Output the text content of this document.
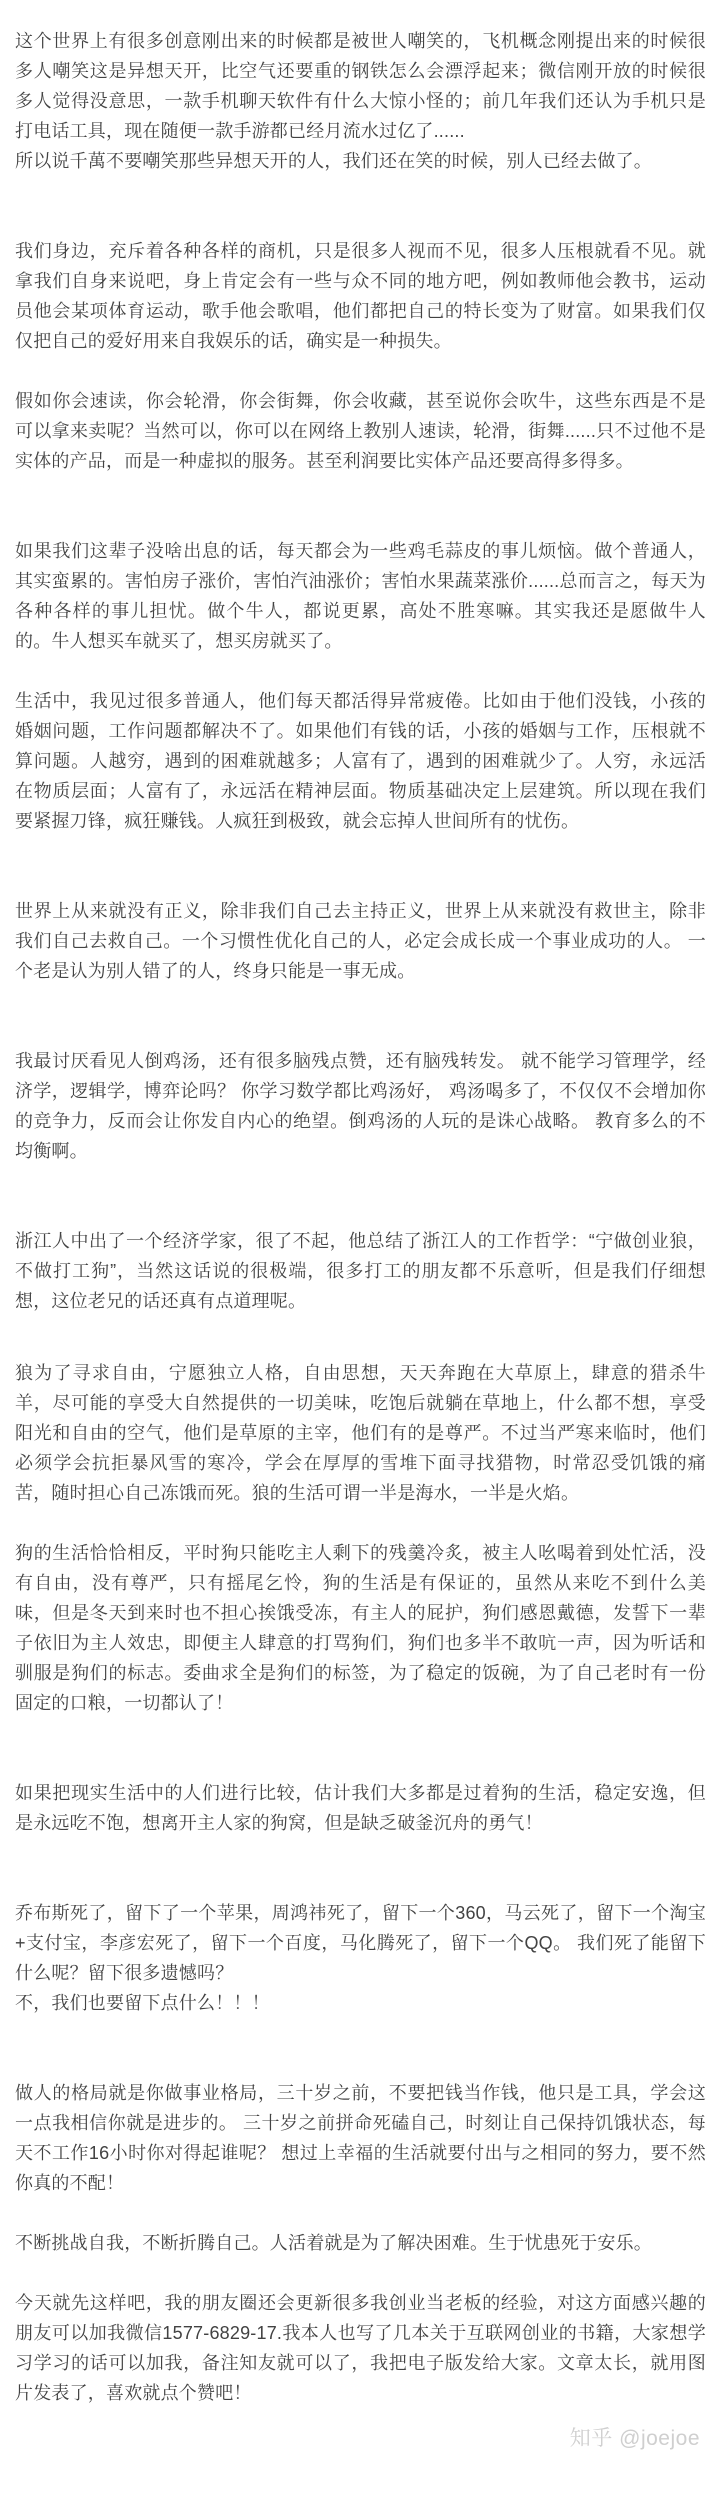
这个世界上有很多创意刚出来的时候都是被世人嘲笑的，飞机概念刚提出来的时候很多人嘲笑这是异想天开，比空气还要重的钢铁怎么会漂浮起来；微信刚开放的时候很多人觉得没意思，一款手机聊天软件有什么大惊小怪的；前几年我们还认为手机只是打电话工具，现在随便一款手游都已经月流水过亿了......

所以说千萬不要嘲笑那些异想天开的人，我们还在笑的时候，别人已经去做了。

我们身边，充斥着各种各样的商机，只是很多人视而不见，很多人压根就看不见。就拿我们自身来说吧，身上肯定会有一些与众不同的地方吧，例如教师他会教书，运动员他会某项体育运动，歌手他会歌唱，他们都把自己的特长变为了财富。如果我们仅仅把自己的爱好用来自我娱乐的话，确实是一种损失。

假如你会速读，你会轮滑，你会街舞，你会收藏，甚至说你会吹牛，这些东西是不是可以拿来卖呢？当然可以，你可以在网络上教别人速读，轮滑，街舞......只不过他不是实体的产品，而是一种虚拟的服务。甚至利润要比实体产品还要高得多得多。

如果我们这辈子没啥出息的话，每天都会为一些鸡毛蒜皮的事儿烦恼。做个普通人，其实蛮累的。害怕房子涨价，害怕汽油涨价；害怕水果蔬菜涨价......总而言之，每天为各种各样的事儿担忧。做个牛人，都说更累，高处不胜寒嘛。其实我还是愿做牛人的。牛人想买车就买了，想买房就买了。

生活中，我见过很多普通人，他们每天都活得异常疲倦。比如由于他们没钱，小孩的婚姻问题，工作问题都解决不了。如果他们有钱的话，小孩的婚姻与工作，压根就不算问题。人越穷，遇到的困难就越多；人富有了，遇到的困难就少了。人穷，永远活在物质层面；人富有了，永远活在精神层面。物质基础决定上层建筑。所以现在我们要紧握刀锋，疯狂赚钱。人疯狂到极致，就会忘掉人世间所有的忧伤。

世界上从来就没有正义，除非我们自己去主持正义，世界上从来就没有救世主，除非我们自己去救自己。一个习惯性优化自己的人，必定会成长成一个事业成功的人。 一个老是认为别人错了的人，终身只能是一事无成。

我最讨厌看见人倒鸡汤，还有很多脑残点赞，还有脑残转发。 就不能学习管理学，经济学，逻辑学，博弈论吗？ 你学习数学都比鸡汤好， 鸡汤喝多了，不仅仅不会增加你的竞争力，反而会让你发自内心的绝望。倒鸡汤的人玩的是诛心战略。 教育多么的不均衡啊。

浙江人中出了一个经济学家，很了不起，他总结了浙江人的工作哲学：“宁做创业狼，不做打工狗”，当然这话说的很极端，很多打工的朋友都不乐意听，但是我们仔细想想，这位老兄的话还真有点道理呢。

狼为了寻求自由，宁愿独立人格，自由思想，天天奔跑在大草原上，肆意的猎杀牛羊，尽可能的享受大自然提供的一切美味，吃饱后就躺在草地上，什么都不想，享受阳光和自由的空气，他们是草原的主宰，他们有的是尊严。不过当严寒来临时，他们必须学会抗拒暴风雪的寒冷，学会在厚厚的雪堆下面寻找猎物，时常忍受饥饿的痛苦，随时担心自己冻饿而死。狼的生活可谓一半是海水，一半是火焰。

狗的生活恰恰相反，平时狗只能吃主人剩下的残羹冷炙，被主人吆喝着到处忙活，没有自由，没有尊严，只有摇尾乞怜，狗的生活是有保证的，虽然从来吃不到什么美味，但是冬天到来时也不担心挨饿受冻，有主人的屁护，狗们感恩戴德，发誓下一辈子依旧为主人效忠，即便主人肆意的打骂狗们，狗们也多半不敢吭一声，因为听话和驯服是狗们的标志。委曲求全是狗们的标签，为了稳定的饭碗，为了自己老时有一份固定的口粮，一切都认了！

如果把现实生活中的人们进行比较，估计我们大多都是过着狗的生活，稳定安逸，但是永远吃不饱，想离开主人家的狗窝，但是缺乏破釜沉舟的勇气！

乔布斯死了，留下了一个苹果，周鸿祎死了，留下一个360，马云死了，留下一个淘宝+支付宝，李彦宏死了，留下一个百度，马化腾死了，留下一个QQ。 我们死了能留下什么呢？留下很多遗憾吗？

不，我们也要留下点什么！！！

做人的格局就是你做事业格局，三十岁之前，不要把钱当作钱，他只是工具，学会这一点我相信你就是进步的。 三十岁之前拼命死磕自己，时刻让自己保持饥饿状态，每天不工作16小时你对得起谁呢？ 想过上幸福的生活就要付出与之相同的努力，要不然你真的不配！

不断挑战自我，不断折腾自己。人活着就是为了解决困难。生于忧患死于安乐。

今天就先这样吧，我的朋友圈还会更新很多我创业当老板的经验，对这方面感兴趣的朋友可以加我微信1577-6829-17.我本人也写了几本关于互联网创业的书籍，大家想学习学习的话可以加我，备注知友就可以了，我把电子版发给大家。文章太长，就用图片发表了，喜欢就点个赞吧！

知乎 @joejoe
